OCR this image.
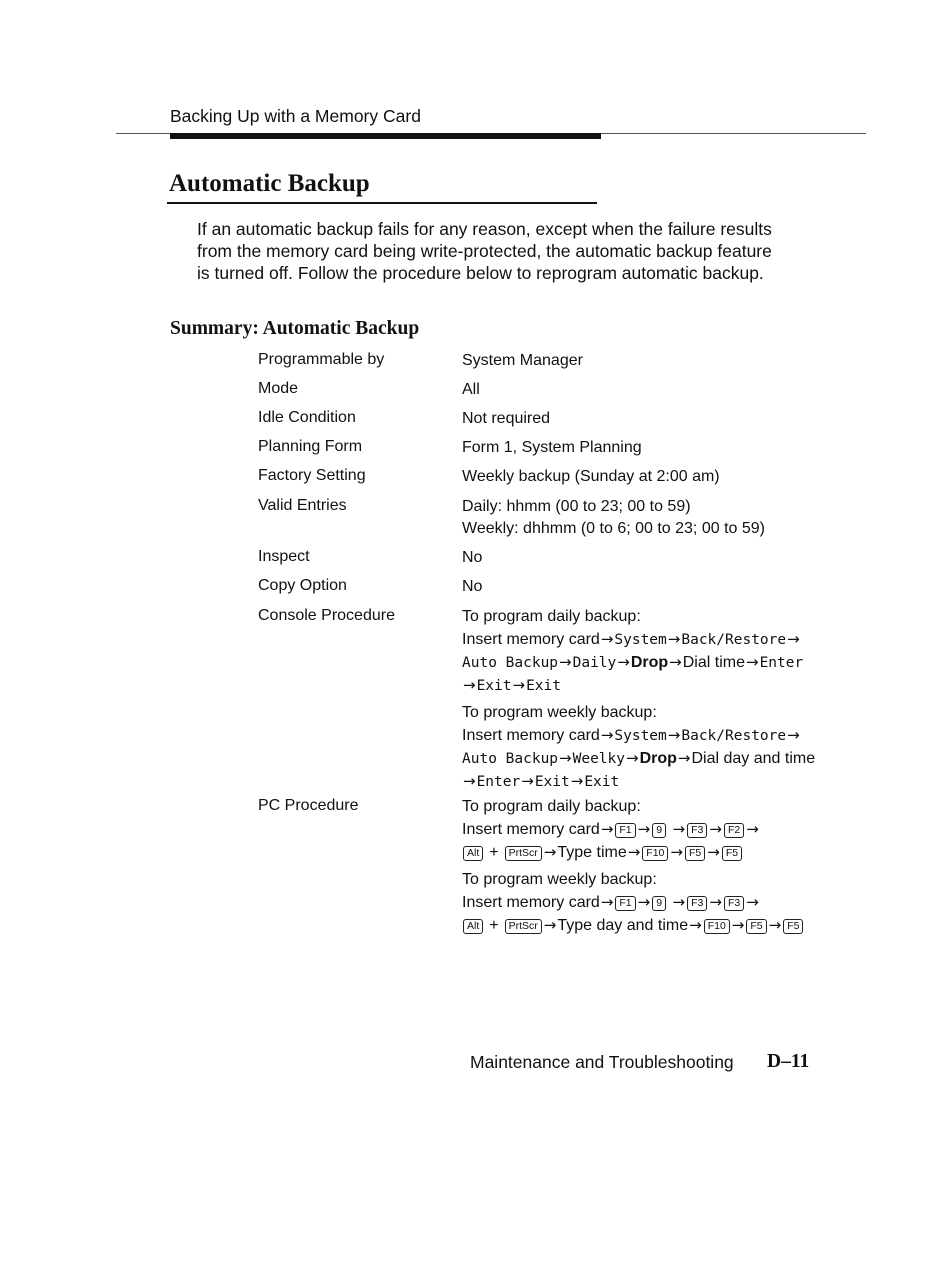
Backing Up with a Memory Card
Automatic Backup

If an automatic backup fails for any reason, except when the failure results

from the memory card being write-protected, the automatic backup feature

is turned off. Follow the procedure below to reprogram automatic backup.

Summary: Automatic Backup
Programmable by	System Manager
Mode	All
Idle Condition	Not required
Planning Form	Form 1, System Planning
Factory Setting	Weekly backup (Sunday at 2:00 am)
Valid Entries	Daily: hhmm (00 to 23; 00 to 59)
Weekly: dhhmm (0 to 6; 00 to 23; 00 to 59)
Inspect	No
Copy Option	No
Console Procedure	To program daily backup:
Insert memory card→System→Back/Restore→
Auto Backup→Daily→Drop→Dial time→Enter
→Exit→Exit
To program weekly backup:
Insert memory card→System→Back/Restore→
Auto Backup→Weelky→Drop→Dial day and time
→Enter→Exit→Exit
PC Procedure	To program daily backup:
Insert memory card→ F1 → 9 → F3 → F2 →
Alt + PrtScr →Type time→ F10 → F5 → F5
To program weekly backup:
Insert memory card→ F1 → 9 → F3 → F3 →
Alt + PrtScr →Type day and time→ F10 → F5 → F5
Maintenance and Troubleshooting D–11
